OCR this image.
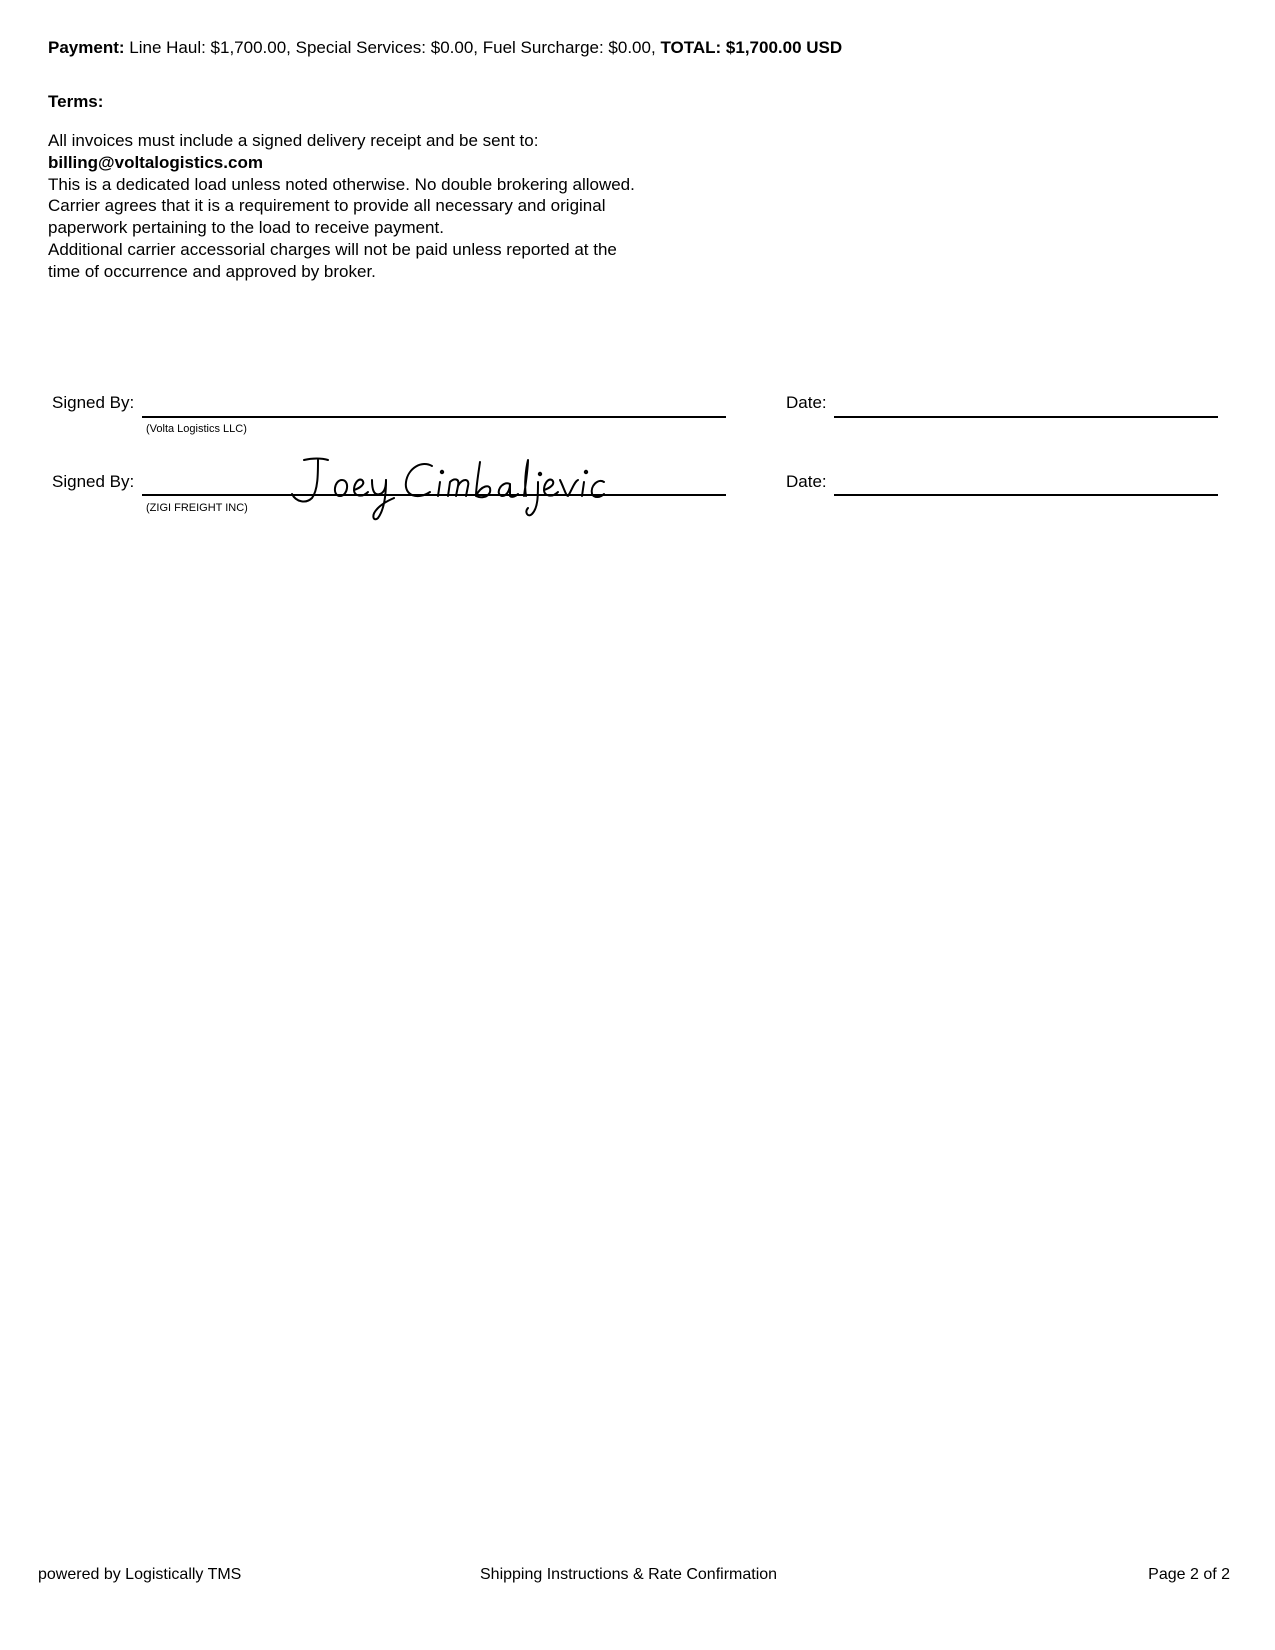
Payment: Line Haul: $1,700.00, Special Services: $0.00, Fuel Surcharge: $0.00, TOTAL: $1,700.00 USD
Terms:
All invoices must include a signed delivery receipt and be sent to:
billing@voltalogistics.com
This is a dedicated load unless noted otherwise. No double brokering allowed.
Carrier agrees that it is a requirement to provide all necessary and original
paperwork pertaining to the load to receive payment.
Additional carrier accessorial charges will not be paid unless reported at the
time of occurrence and approved by broker.
Signed By:
(Volta Logistics LLC)
Date:
Signed By:
(ZIGI FREIGHT INC)
Date:
powered by Logistically TMS	Shipping Instructions & Rate Confirmation	Page 2 of 2
